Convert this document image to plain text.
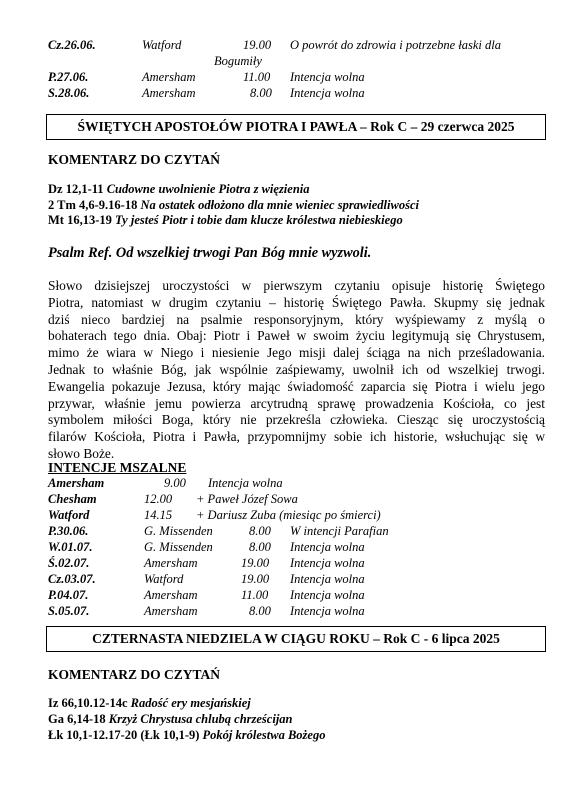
Cz.26.06.	Watford	19.00 O powrót do zdrowia i potrzebne łaski dla
Bogumiły
P.27.06.	Amersham	11.00 Intencja wolna
S.28.06.	Amersham	8.00 Intencja wolna
ŚWIĘTYCH APOSTOŁÓW PIOTRA I PAWŁA – Rok C – 29 czerwca 2025
KOMENTARZ DO CZYTAŃ
Dz 12,1-11 Cudowne uwolnienie Piotra z więzienia
2 Tm 4,6-9.16-18 Na ostatek odłożono dla mnie wieniec sprawiedliwości
Mt 16,13-19 Ty jesteś Piotr i tobie dam klucze królestwa niebieskiego
Psalm Ref. Od wszelkiej trwogi Pan Bóg mnie wyzwoli.
Słowo dzisiejszej uroczystości w pierwszym czytaniu opisuje historię Świętego
Piotra, natomiast w drugim czytaniu – historię Świętego Pawła. Skupmy się jednak
dziś nieco bardziej na psalmie responsoryjnym, który wyśpiewamy z myślą o
bohaterach tego dnia. Obaj: Piotr i Paweł w swoim życiu legitymują się Chrystusem,
mimo że wiara w Niego i niesienie Jego misji dalej ściąga na nich prześladowania.
Jednak to właśnie Bóg, jak wspólnie zaśpiewamy, uwolnił ich od wszelkiej trwogi.
Ewangelia pokazuje Jezusa, który mając świadomość zaparcia się Piotra i wielu jego
przywar, właśnie jemu powierza arcytrudną sprawę prowadzenia Kościoła, co jest
symbolem miłości Boga, który nie przekreśla człowieka. Ciesząc się uroczystością
filarów Kościoła, Piotra i Pawła, przypomnijmy sobie ich historie, wsłuchując się w
słowo Boże.
INTENCJE MSZALNE
Amersham	9.00 Intencja wolna
Chesham	12.00 + Paweł Józef Sowa
Watford	14.15 + Dariusz Zuba (miesiąc po śmierci)
P.30.06.	G. Missenden	8.00 W intencji Parafian
W.01.07.	G. Missenden	8.00 Intencja wolna
Ś.02.07.	Amersham	19.00 Intencja wolna
Cz.03.07.	Watford	19.00 Intencja wolna
P.04.07.	Amersham	11.00 Intencja wolna
S.05.07.	Amersham	8.00 Intencja wolna
CZTERNASTA NIEDZIELA W CIĄGU ROKU – Rok C - 6 lipca 2025
KOMENTARZ DO CZYTAŃ
Iz 66,10.12-14c Radość ery mesjańskiej
Ga 6,14-18 Krzyż Chrystusa chlubą chrześcijan
Łk 10,1-12.17-20 (Łk 10,1-9) Pokój królestwa Bożego
